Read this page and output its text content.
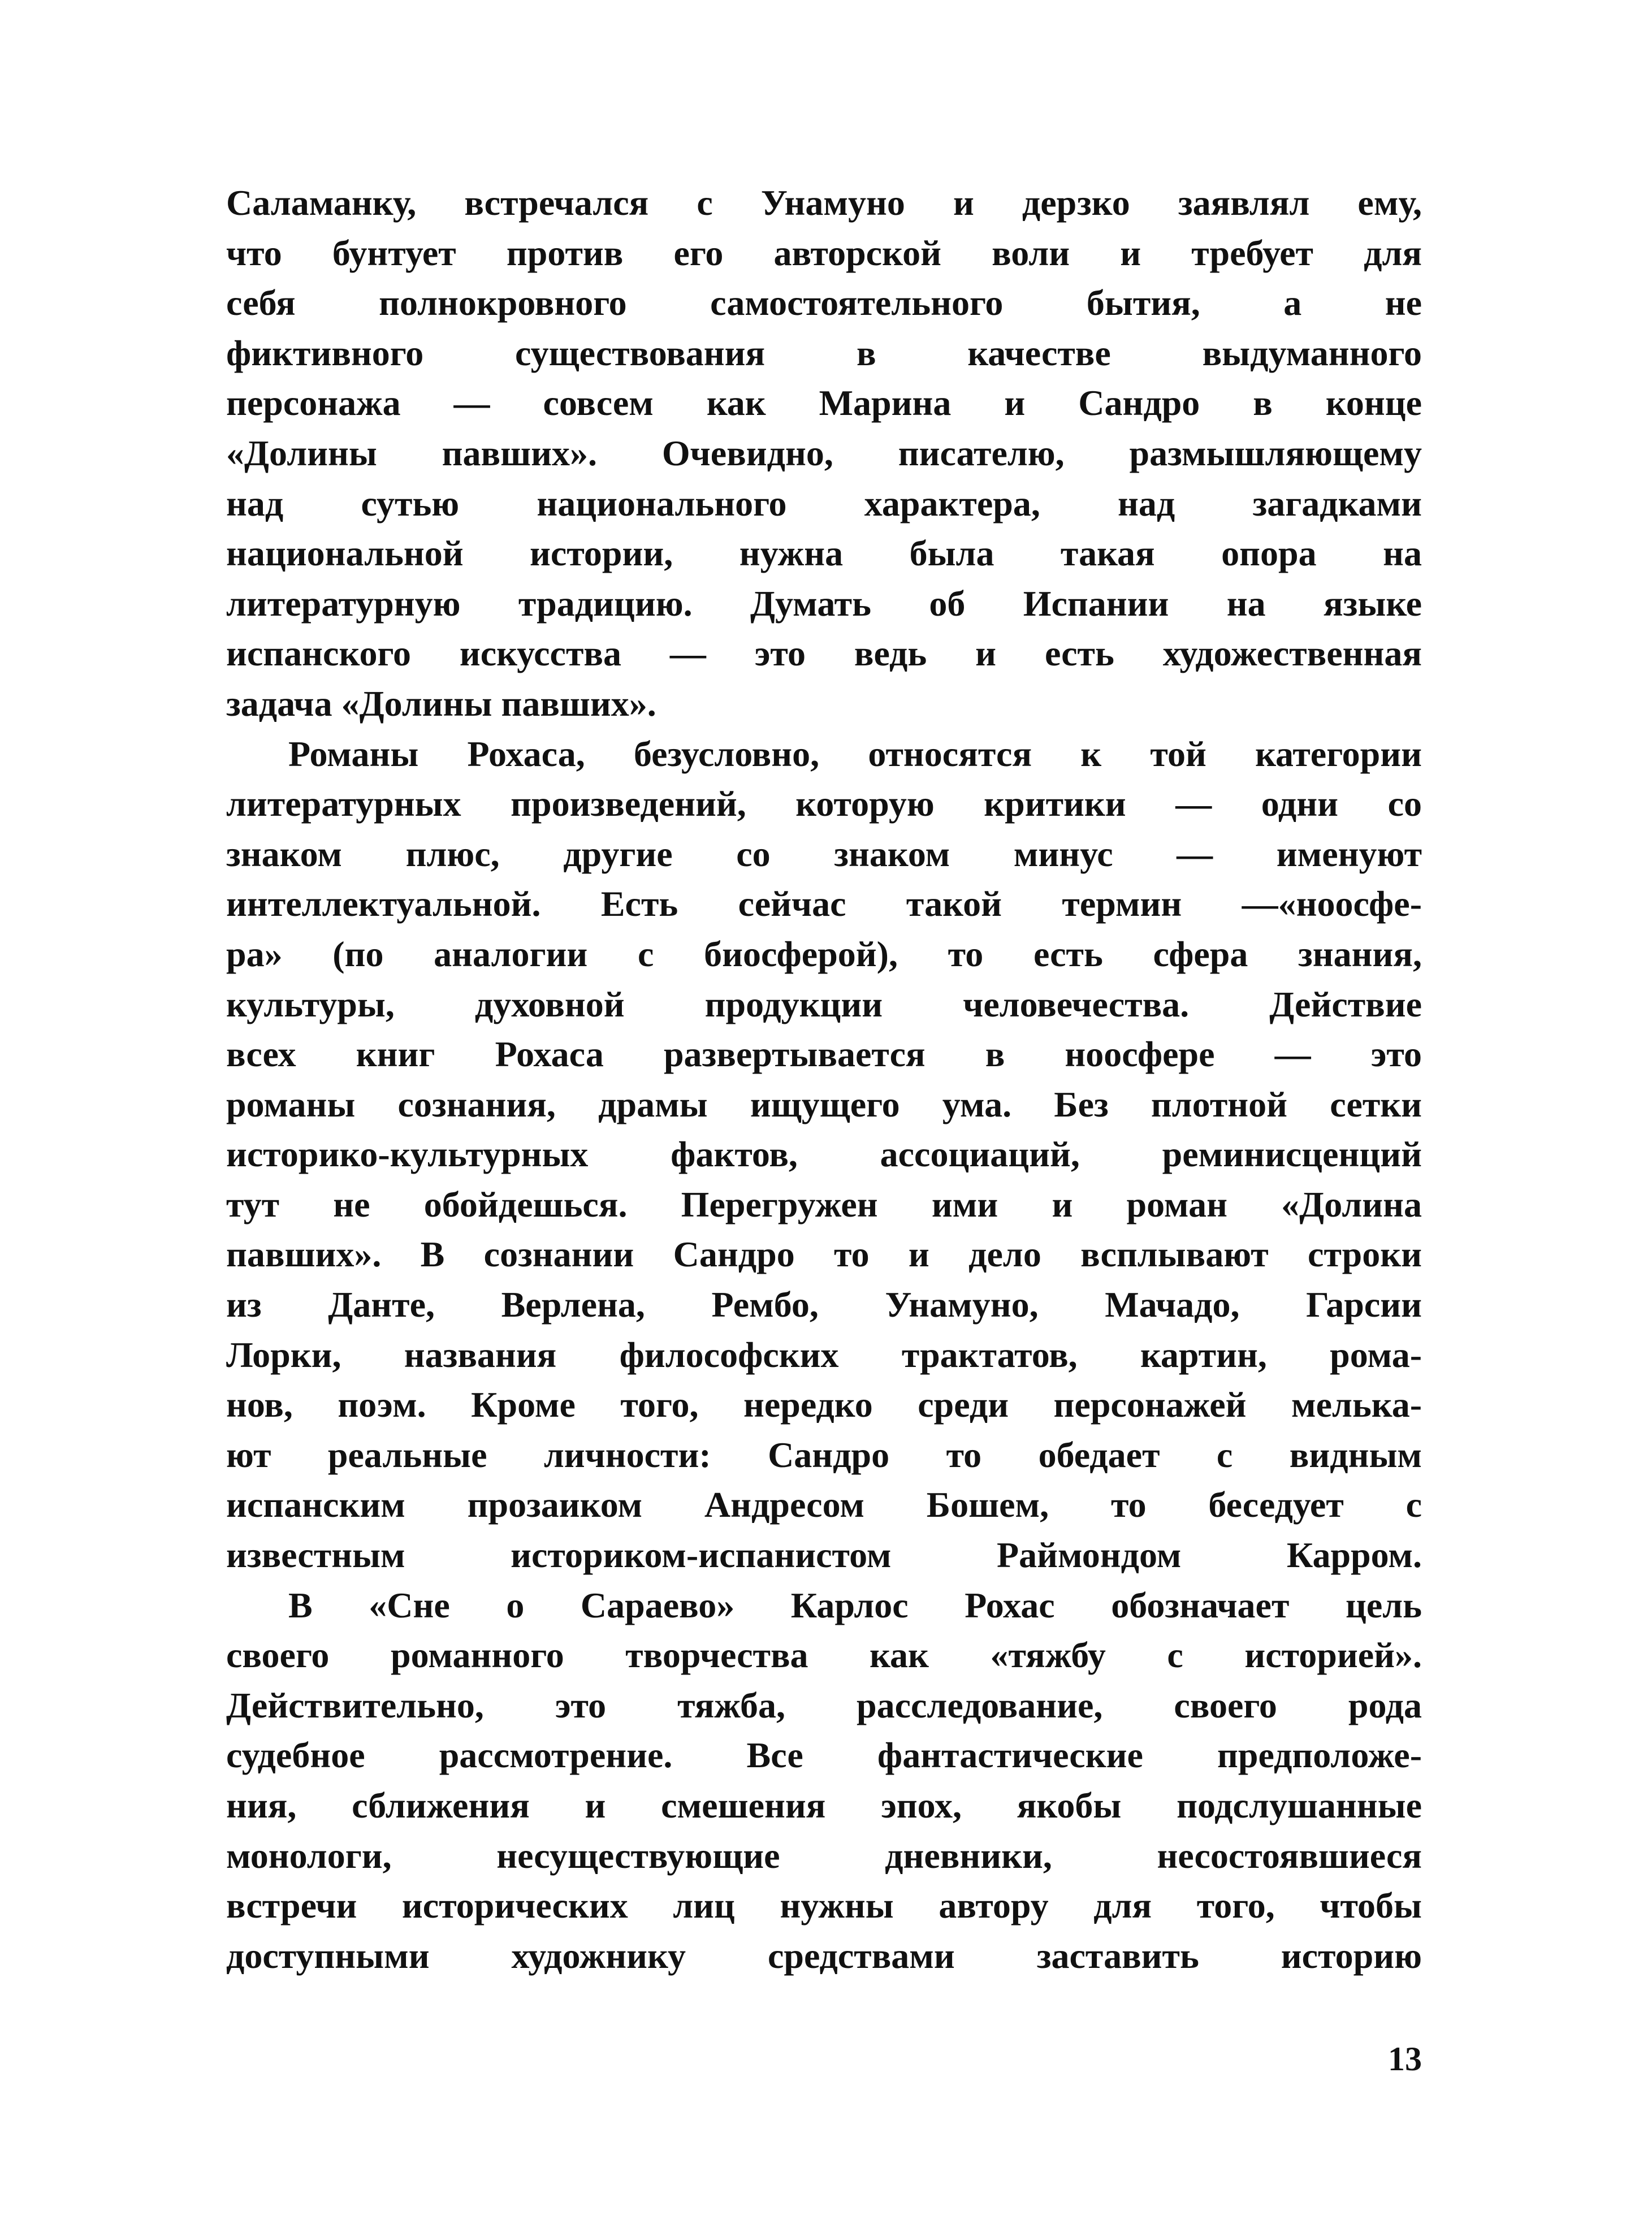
Саламанку, встречался с Унамуно и дерзко заявлял ему,
что бунтует против его авторской воли и требует для
себя полнокровного самостоятельного бытия, а не
фиктивного существования в качестве выдуманного
персонажа — совсем как Марина и Сандро в конце
«Долины павших». Очевидно, писателю, размышляющему
над сутью национального характера, над загадками
национальной истории, нужна была такая опора на
литературную традицию. Думать об Испании на языке
испанского искусства — это ведь и есть художественная
задача «Долины павших».
Романы Рохаса, безусловно, относятся к той категории
литературных произведений, которую критики — одни со
знаком плюс, другие со знаком минус — именуют
интеллектуальной. Есть сейчас такой термин —«ноосфе-
ра» (по аналогии с биосферой), то есть сфера знания,
культуры, духовной продукции человечества. Действие
всех книг Рохаса развертывается в ноосфере — это
романы сознания, драмы ищущего ума. Без плотной сетки
историко-культурных фактов, ассоциаций, реминисценций
тут не обойдешься. Перегружен ими и роман «Долина
павших». В сознании Сандро то и дело всплывают строки
из Данте, Верлена, Рембо, Унамуно, Мачадо, Гарсии
Лорки, названия философских трактатов, картин, рома-
нов, поэм. Кроме того, нередко среди персонажей мелька-
ют реальные личности: Сандро то обедает с видным
испанским прозаиком Андресом Бошем, то беседует с
известным историком-испанистом Раймондом Карром.
В «Сне о Сараево» Карлос Рохас обозначает цель
своего романного творчества как «тяжбу с историей».
Действительно, это тяжба, расследование, своего рода
судебное рассмотрение. Все фантастические предположе-
ния, сближения и смешения эпох, якобы подслушанные
монологи, несуществующие дневники, несостоявшиеся
встречи исторических лиц нужны автору для того, чтобы
доступными художнику средствами заставить историю
13
